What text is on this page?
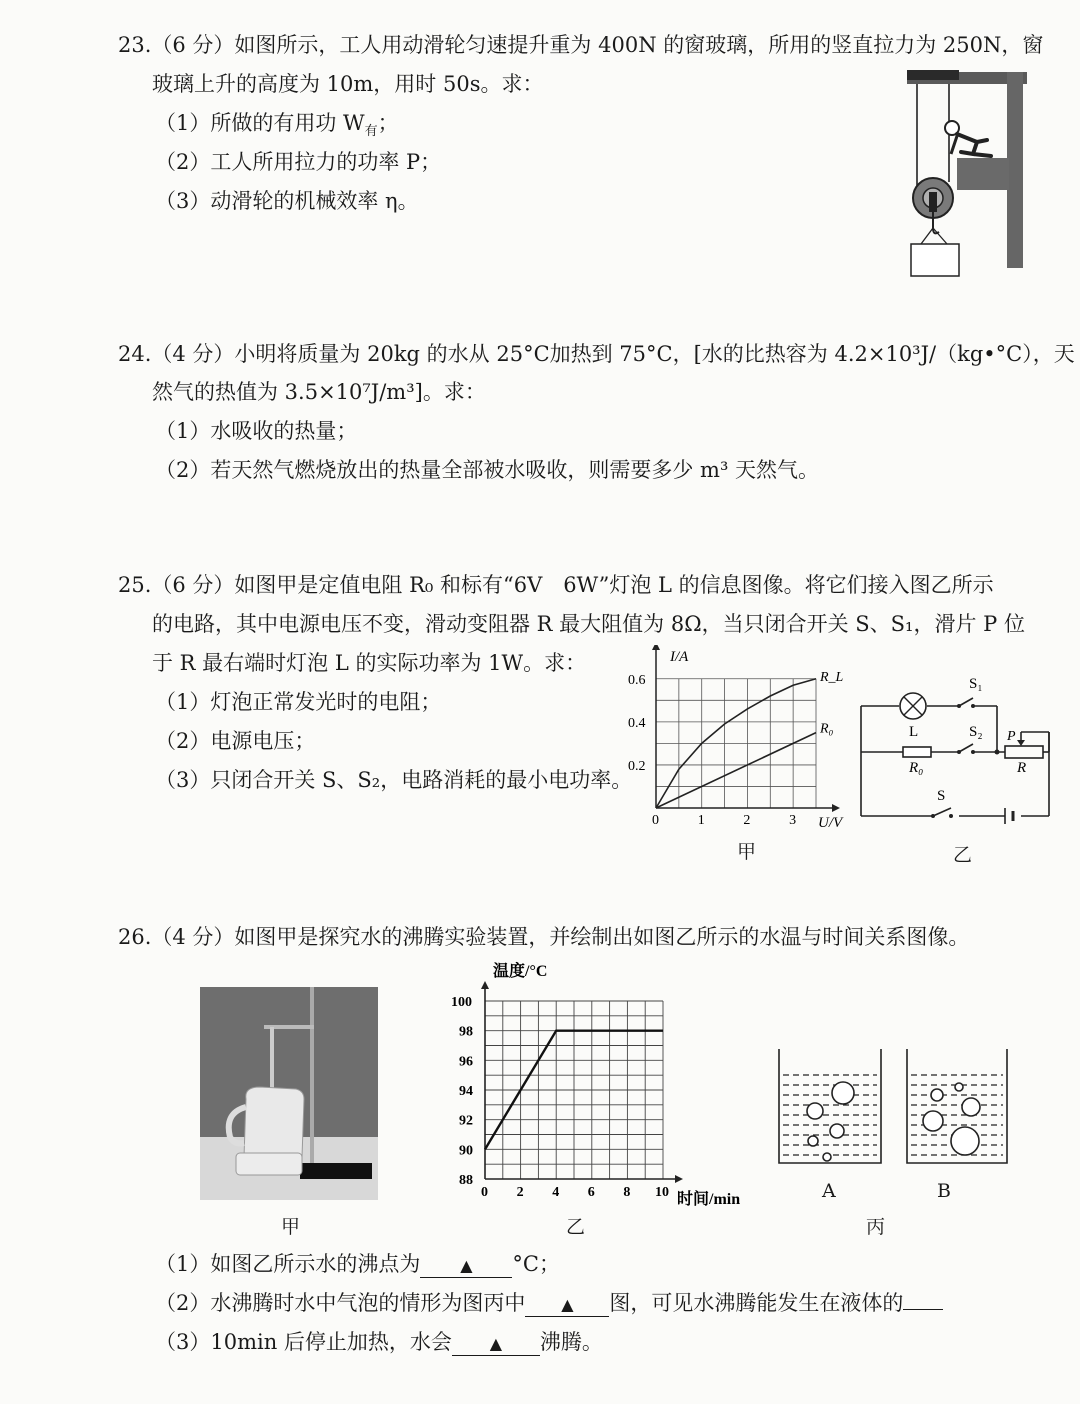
23.（6 分）如图所示，工人用动滑轮匀速提升重为 400N 的窗玻璃，所用的竖直拉力为 250N，窗
玻璃上升的高度为 10m，用时 50s。求：
（1）所做的有用功 $W_有$；
（2）工人所用拉力的功率 P；
（3）动滑轮的机械效率 η。
24.（4 分）小明将质量为 20kg 的水从 25°C加热到 75°C，[水的比热容为 4.2×10³J/（kg•°C），天
然气的热值为 3.5×10⁷J/m³]。求：
（1）水吸收的热量；
（2）若天然气燃烧放出的热量全部被水吸收，则需要多少 m³ 天然气。
25.（6 分）如图甲是定值电阻 R₀ 和标有“6V　6W”灯泡 L 的信息图像。将它们接入图乙所示
的电路，其中电源电压不变，滑动变阻器 R 最大阻值为 8Ω，当只闭合开关 S、S₁，滑片 P 位
于 R 最右端时灯泡 L 的实际功率为 1W。求：
（1）灯泡正常发光时的电阻；
（2）电源电压；
（3）只闭合开关 S、S₂，电路消耗的最小电功率。
R_L
R₀
0	1	2	3
0.2
0.4
0.6
I/A
U/V
甲
S₁
L	S₂ P
R₀	R
S
乙
26.（4 分）如图甲是探究水的沸腾实验装置，并绘制出如图乙所示的水温与时间关系图像。
甲
0 2 4 6 8 10
88
90
92
94
96
98
100
温度/°C
时间/min
乙
A	B
丙
（1）如图乙所示水的沸点为 ▲ °C；
（2）水沸腾时水中气泡的情形为图丙中 ▲ 图，可见水沸腾能发生在液体的
（3）10min 后停止加热，水会 ▲ 沸腾。
